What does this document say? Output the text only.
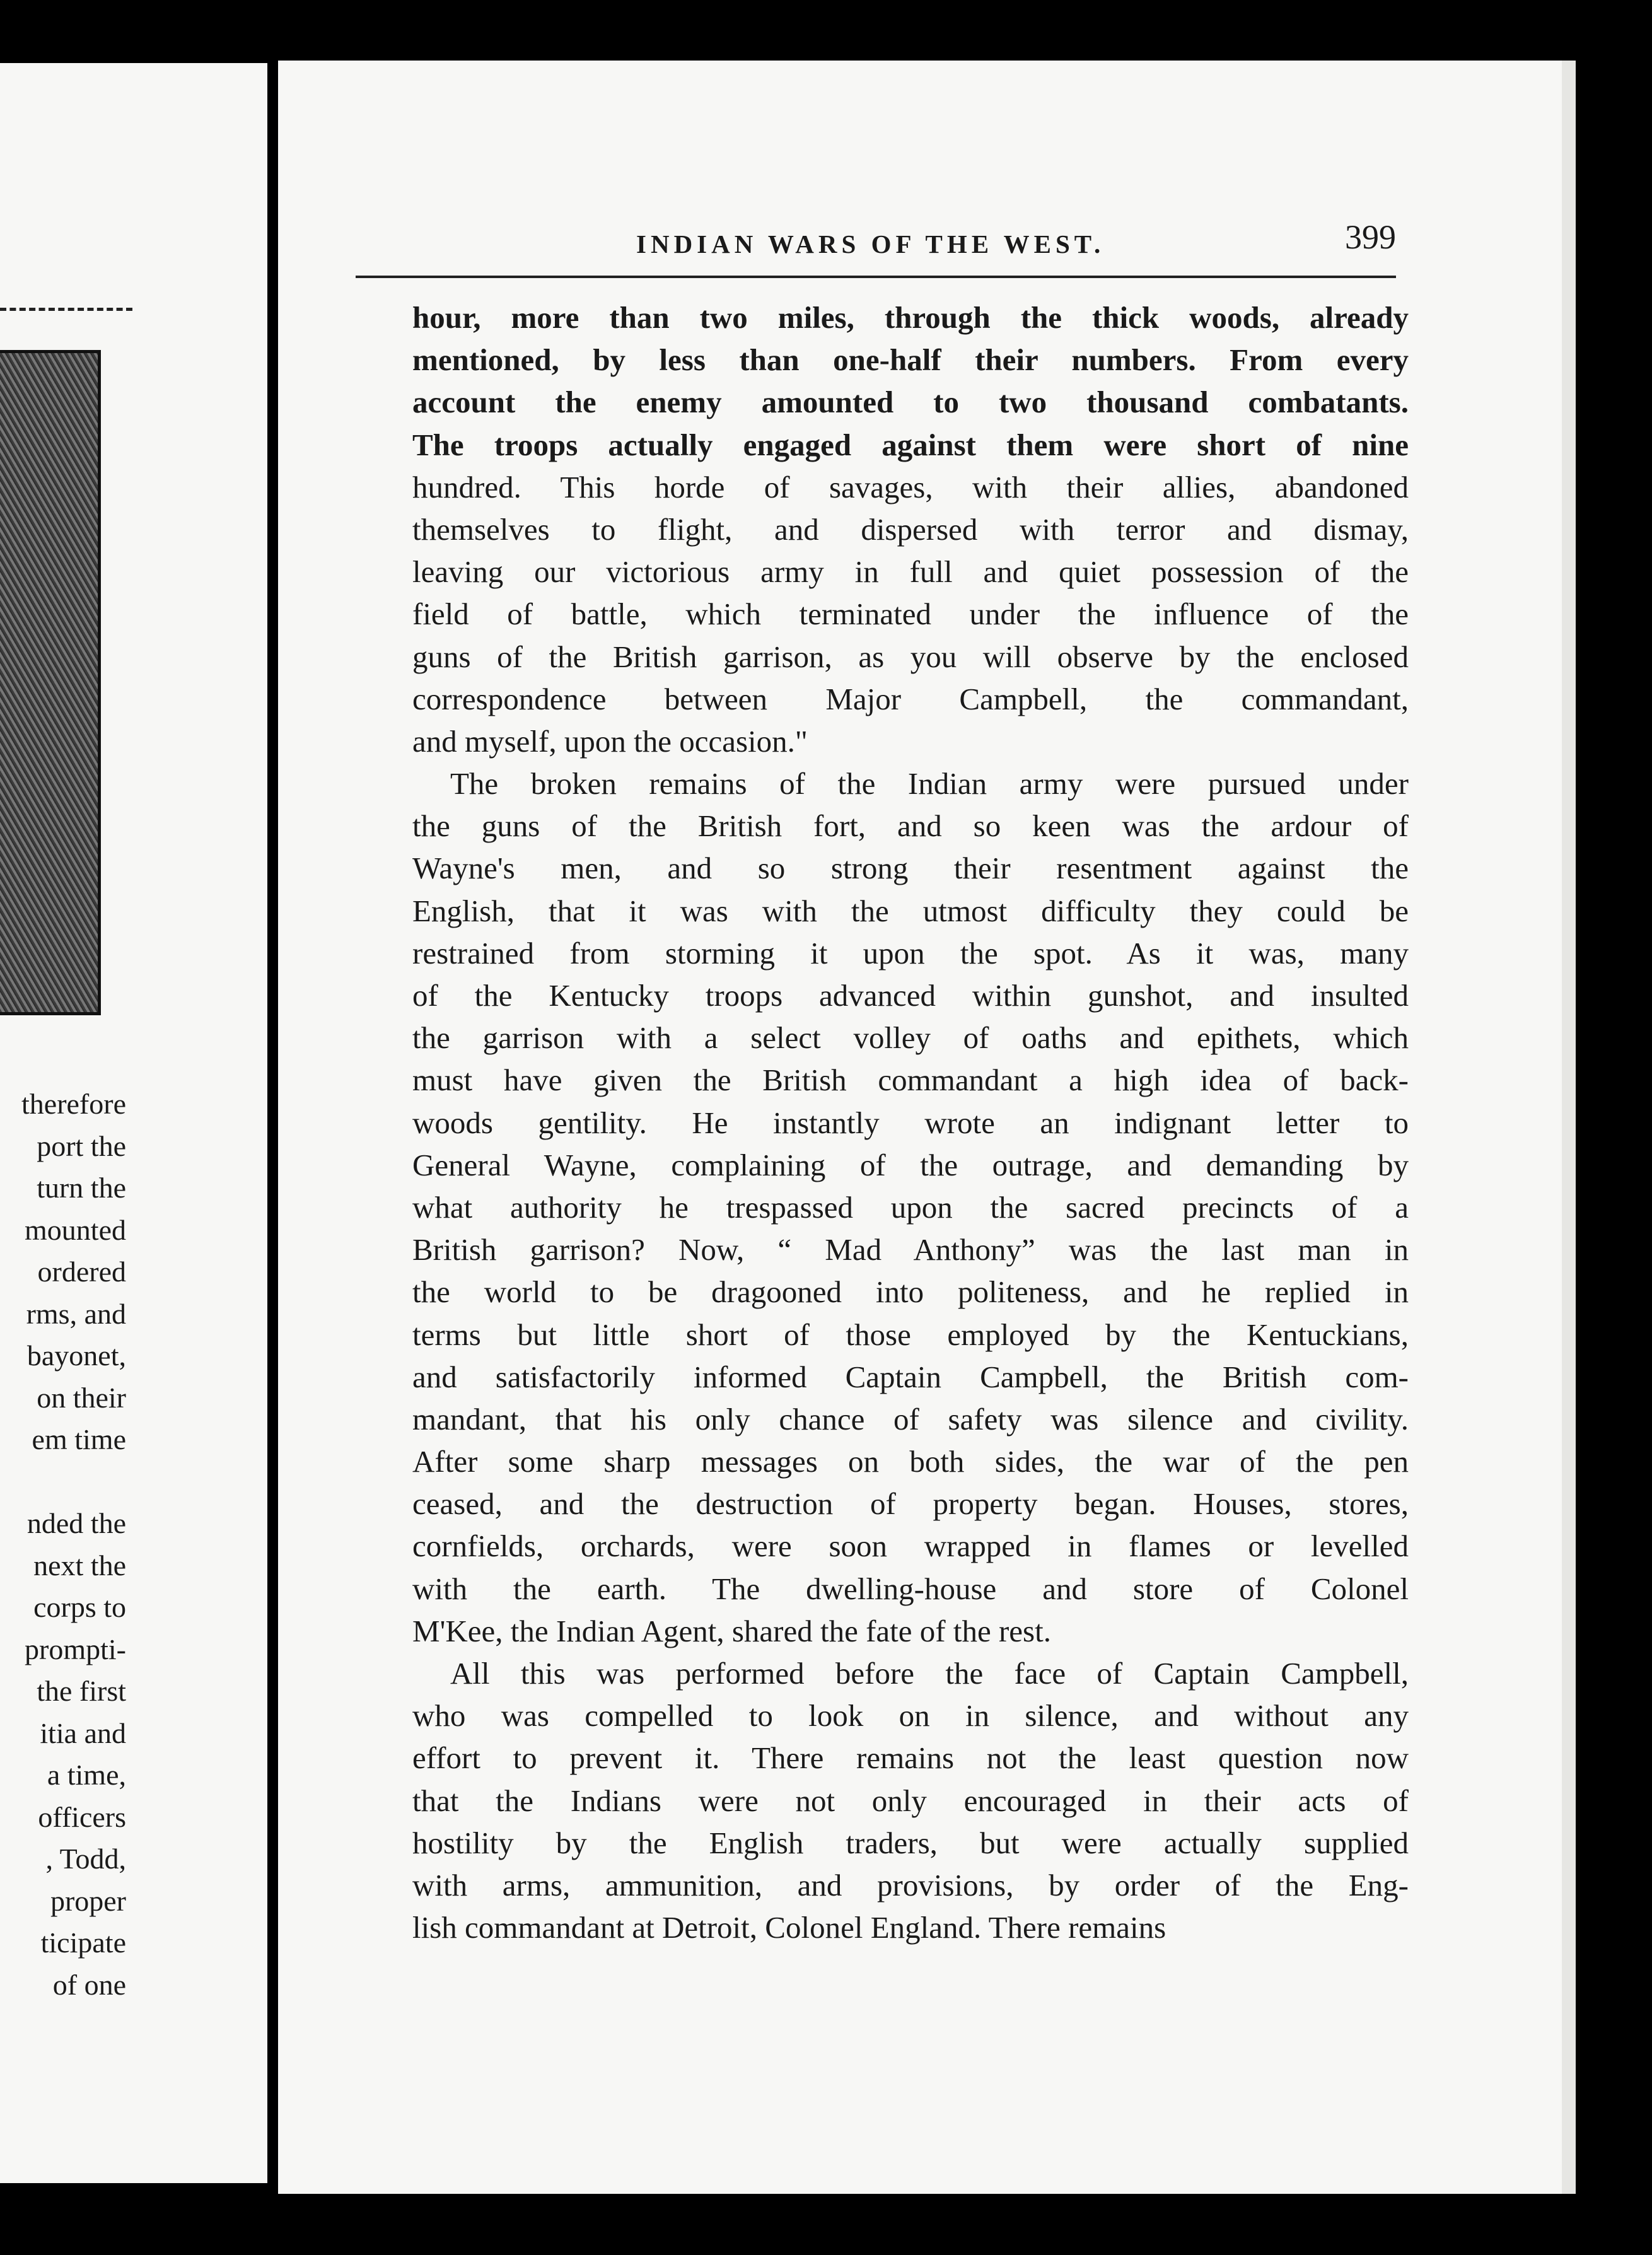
therefore
port the
turn the
mounted
ordered
rms, and
bayonet,
on their
em time
nded the
next the
corps to
prompti-
the first
itia and
a time,
officers
, Todd,
proper
ticipate
of one
INDIAN WARS OF THE WEST.	399
hour, more than two miles, through the thick woods, already
mentioned, by less than one-half their numbers. From every
account the enemy amounted to two thousand combatants.
The troops actually engaged against them were short of nine
hundred. This horde of savages, with their allies, abandoned
themselves to flight, and dispersed with terror and dismay,
leaving our victorious army in full and quiet possession of the
field of battle, which terminated under the influence of the
guns of the British garrison, as you will observe by the enclosed
correspondence between Major Campbell, the commandant,
and myself, upon the occasion."
The broken remains of the Indian army were pursued under
the guns of the British fort, and so keen was the ardour of
Wayne's men, and so strong their resentment against the
English, that it was with the utmost difficulty they could be
restrained from storming it upon the spot. As it was, many
of the Kentucky troops advanced within gunshot, and insulted
the garrison with a select volley of oaths and epithets, which
must have given the British commandant a high idea of back-
woods gentility. He instantly wrote an indignant letter to
General Wayne, complaining of the outrage, and demanding by
what authority he trespassed upon the sacred precincts of a
British garrison? Now, “ Mad Anthony” was the last man in
the world to be dragooned into politeness, and he replied in
terms but little short of those employed by the Kentuckians,
and satisfactorily informed Captain Campbell, the British com-
mandant, that his only chance of safety was silence and civility.
After some sharp messages on both sides, the war of the pen
ceased, and the destruction of property began. Houses, stores,
cornfields, orchards, were soon wrapped in flames or levelled
with the earth. The dwelling-house and store of Colonel
M'Kee, the Indian Agent, shared the fate of the rest.
All this was performed before the face of Captain Campbell,
who was compelled to look on in silence, and without any
effort to prevent it. There remains not the least question now
that the Indians were not only encouraged in their acts of
hostility by the English traders, but were actually supplied
with arms, ammunition, and provisions, by order of the Eng-
lish commandant at Detroit, Colonel England. There remains
